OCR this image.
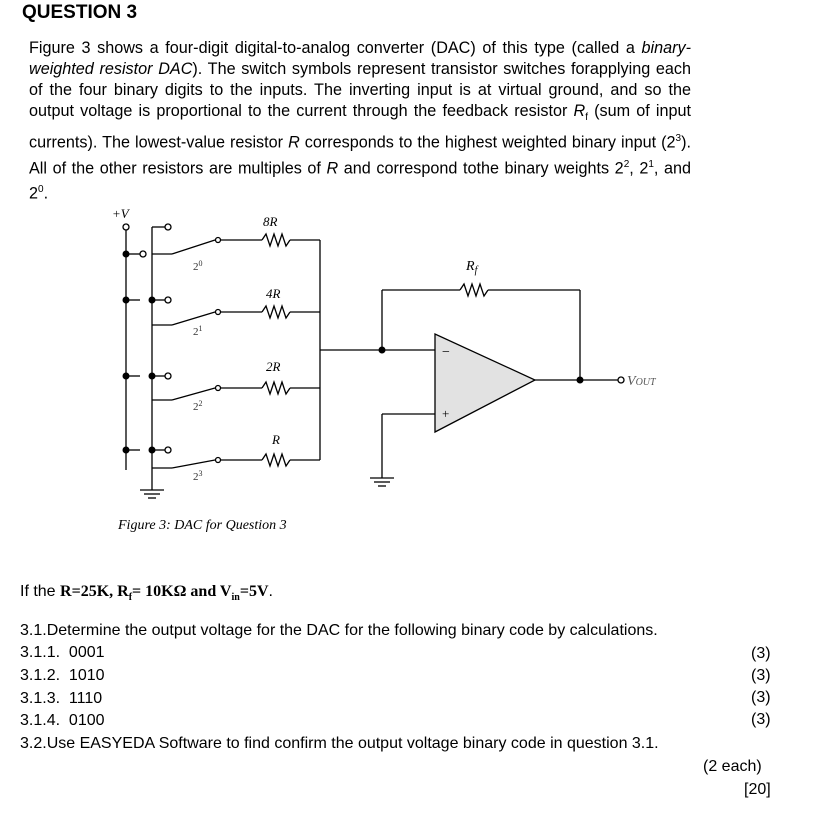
QUESTION 3
Figure 3 shows a four-digit digital-to-analog converter (DAC) of this type (called a binary-weighted resistor DAC). The switch symbols represent transistor switches forapplying each of the four binary digits to the inputs. The inverting input is at virtual ground, and so the output voltage is proportional to the current through the feedback resistor $R_f$ (sum of input currents). The lowest-value resistor R corresponds to the highest weighted binary input $(2^3)$. All of the other resistors are multiples of R and correspond tothe binary weights $2^2$, $2^1$, and $2^0$.
+V
8R
4R
2R
R
$R_f$
−
+
VOUT
$2^0$
$2^1$
$2^2$
$2^3$
Figure 3: DAC for Question 3
If the R=25K, $R_f= 10K\Omega$ and $V_{in}=5V$.
3.1.Determine the output voltage for the DAC for the following binary code by calculations.
3.1.1. 0001
3.1.2. 1010
3.1.3. 1110
3.1.4. 0100
(3)
(3)
(3)
(3)
3.2.Use EASYEDA Software to find confirm the output voltage binary code in question 3.1.
(2 each)
[20]
